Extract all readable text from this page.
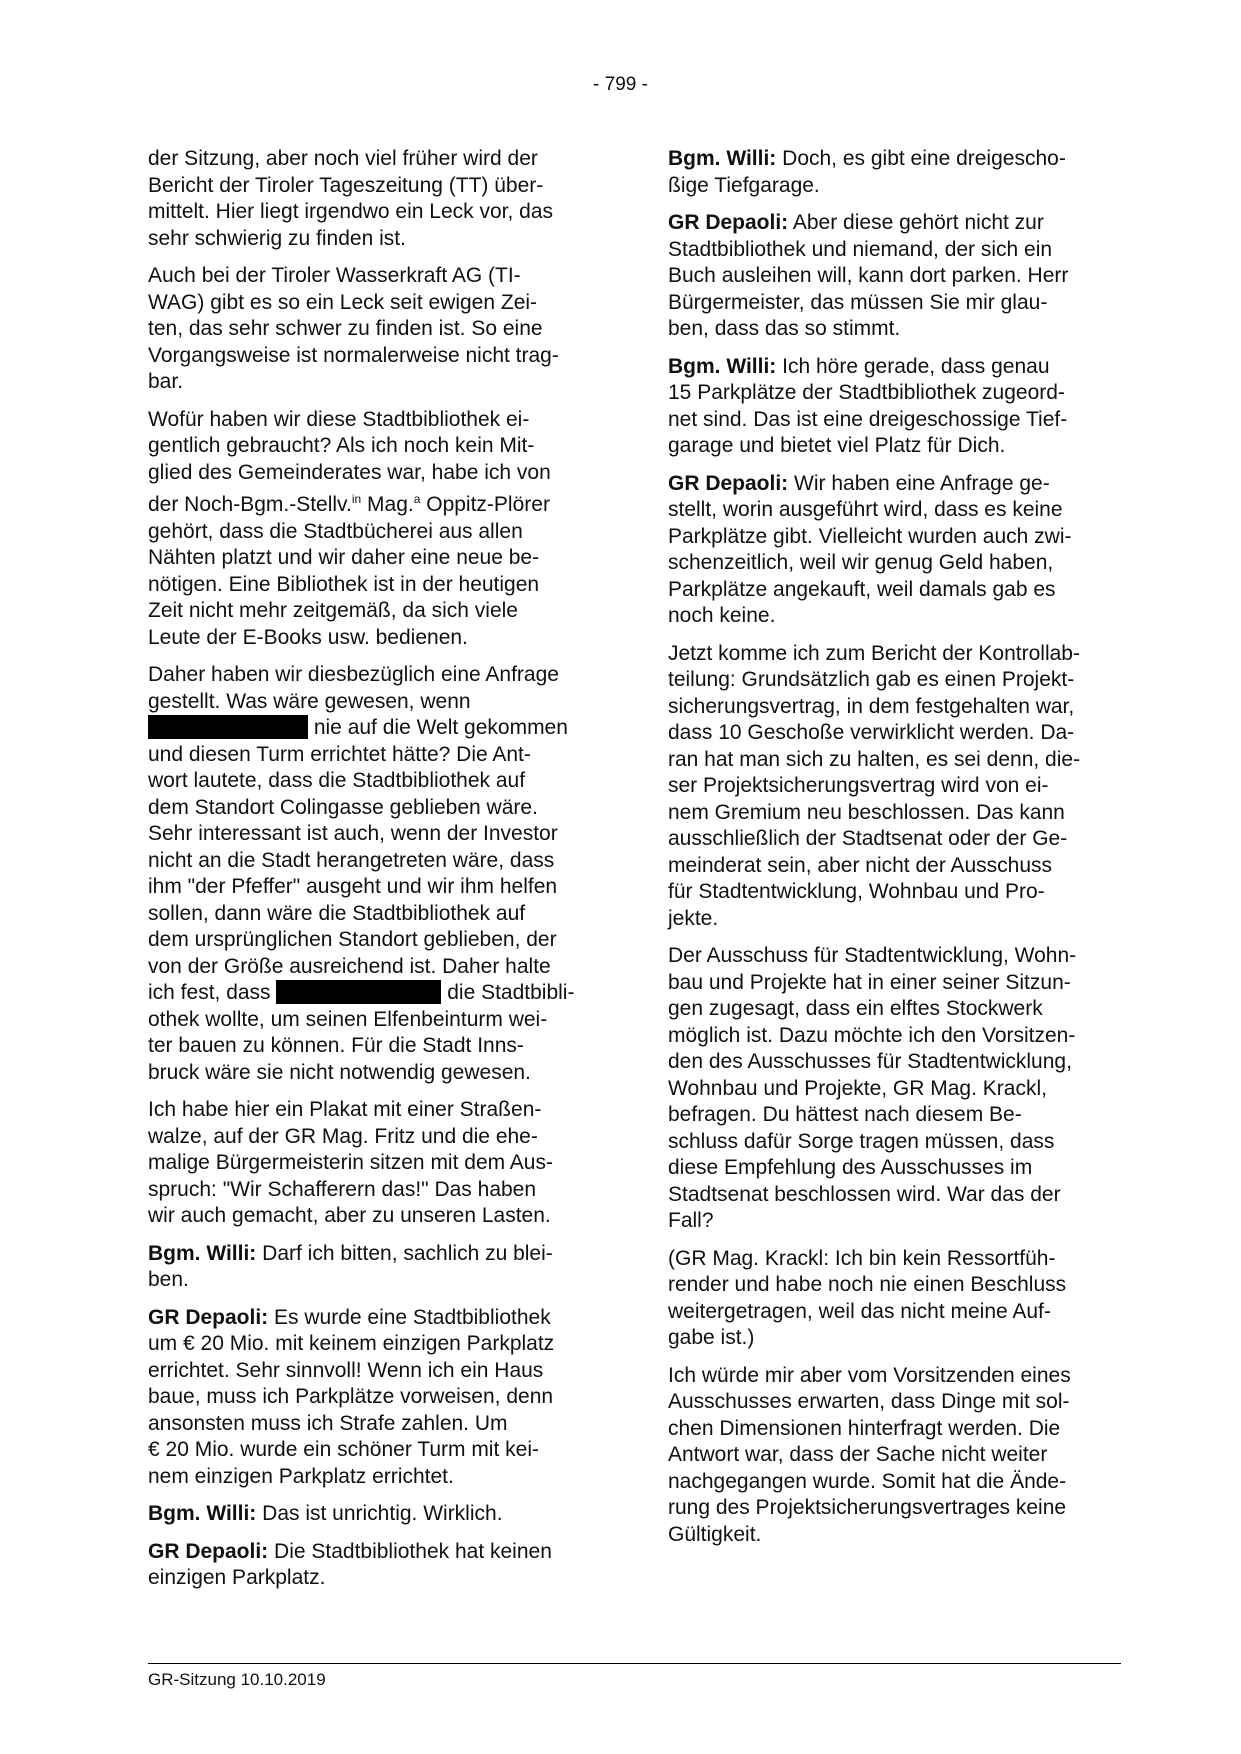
- 799 -

der Sitzung, aber noch viel früher wird der
Bericht der Tiroler Tageszeitung (TT) über-
mittelt. Hier liegt irgendwo ein Leck vor, das
sehr schwierig zu finden ist.

Auch bei der Tiroler Wasserkraft AG (TI-
WAG) gibt es so ein Leck seit ewigen Zei-
ten, das sehr schwer zu finden ist. So eine
Vorgangsweise ist normalerweise nicht trag-
bar.

Wofür haben wir diese Stadtbibliothek ei-
gentlich gebraucht? Als ich noch kein Mit-
glied des Gemeinderates war, habe ich von
der Noch-Bgm.-Stellv.$^{in}$ Mag.$^a$ Oppitz-Plörer
gehört, dass die Stadtbücherei aus allen
Nähten platzt und wir daher eine neue be-
nötigen. Eine Bibliothek ist in der heutigen
Zeit nicht mehr zeitgemäß, da sich viele
Leute der E-Books usw. bedienen.

Daher haben wir diesbezüglich eine Anfrage
gestellt. Was wäre gewesen, wenn
nie auf die Welt gekommen
und diesen Turm errichtet hätte? Die Ant-
wort lautete, dass die Stadtbibliothek auf
dem Standort Colingasse geblieben wäre.
Sehr interessant ist auch, wenn der Investor
nicht an die Stadt herangetreten wäre, dass
ihm "der Pfeffer" ausgeht und wir ihm helfen
sollen, dann wäre die Stadtbibliothek auf
dem ursprünglichen Standort geblieben, der
von der Größe ausreichend ist. Daher halte
ich fest, dass	die Stadtbibli-
othek wollte, um seinen Elfenbeinturm wei-
ter bauen zu können. Für die Stadt Inns-
bruck wäre sie nicht notwendig gewesen.

Ich habe hier ein Plakat mit einer Straßen-
walze, auf der GR Mag. Fritz und die ehe-
malige Bürgermeisterin sitzen mit dem Aus-
spruch: "Wir Schafferern das!" Das haben
wir auch gemacht, aber zu unseren Lasten.

Bgm. Willi: Darf ich bitten, sachlich zu blei-
ben.

GR Depaoli: Es wurde eine Stadtbibliothek
um € 20 Mio. mit keinem einzigen Parkplatz
errichtet. Sehr sinnvoll! Wenn ich ein Haus
baue, muss ich Parkplätze vorweisen, denn
ansonsten muss ich Strafe zahlen. Um
€ 20 Mio. wurde ein schöner Turm mit kei-
nem einzigen Parkplatz errichtet.

Bgm. Willi: Das ist unrichtig. Wirklich.

GR Depaoli: Die Stadtbibliothek hat keinen
einzigen Parkplatz.

Bgm. Willi: Doch, es gibt eine dreigescho-
ßige Tiefgarage.

GR Depaoli: Aber diese gehört nicht zur
Stadtbibliothek und niemand, der sich ein
Buch ausleihen will, kann dort parken. Herr
Bürgermeister, das müssen Sie mir glau-
ben, dass das so stimmt.

Bgm. Willi: Ich höre gerade, dass genau
15 Parkplätze der Stadtbibliothek zugeord-
net sind. Das ist eine dreigeschossige Tief-
garage und bietet viel Platz für Dich.

GR Depaoli: Wir haben eine Anfrage ge-
stellt, worin ausgeführt wird, dass es keine
Parkplätze gibt. Vielleicht wurden auch zwi-
schenzeitlich, weil wir genug Geld haben,
Parkplätze angekauft, weil damals gab es
noch keine.

Jetzt komme ich zum Bericht der Kontrollab-
teilung: Grundsätzlich gab es einen Projekt-
sicherungsvertrag, in dem festgehalten war,
dass 10 Geschoße verwirklicht werden. Da-
ran hat man sich zu halten, es sei denn, die-
ser Projektsicherungsvertrag wird von ei-
nem Gremium neu beschlossen. Das kann
ausschließlich der Stadtsenat oder der Ge-
meinderat sein, aber nicht der Ausschuss
für Stadtentwicklung, Wohnbau und Pro-
jekte.

Der Ausschuss für Stadtentwicklung, Wohn-
bau und Projekte hat in einer seiner Sitzun-
gen zugesagt, dass ein elftes Stockwerk
möglich ist. Dazu möchte ich den Vorsitzen-
den des Ausschusses für Stadtentwicklung,
Wohnbau und Projekte, GR Mag. Krackl,
befragen. Du hättest nach diesem Be-
schluss dafür Sorge tragen müssen, dass
diese Empfehlung des Ausschusses im
Stadtsenat beschlossen wird. War das der
Fall?

(GR Mag. Krackl: Ich bin kein Ressortfüh-
render und habe noch nie einen Beschluss
weitergetragen, weil das nicht meine Auf-
gabe ist.)

Ich würde mir aber vom Vorsitzenden eines
Ausschusses erwarten, dass Dinge mit sol-
chen Dimensionen hinterfragt werden. Die
Antwort war, dass der Sache nicht weiter
nachgegangen wurde. Somit hat die Ände-
rung des Projektsicherungsvertrages keine
Gültigkeit.

GR-Sitzung 10.10.2019
